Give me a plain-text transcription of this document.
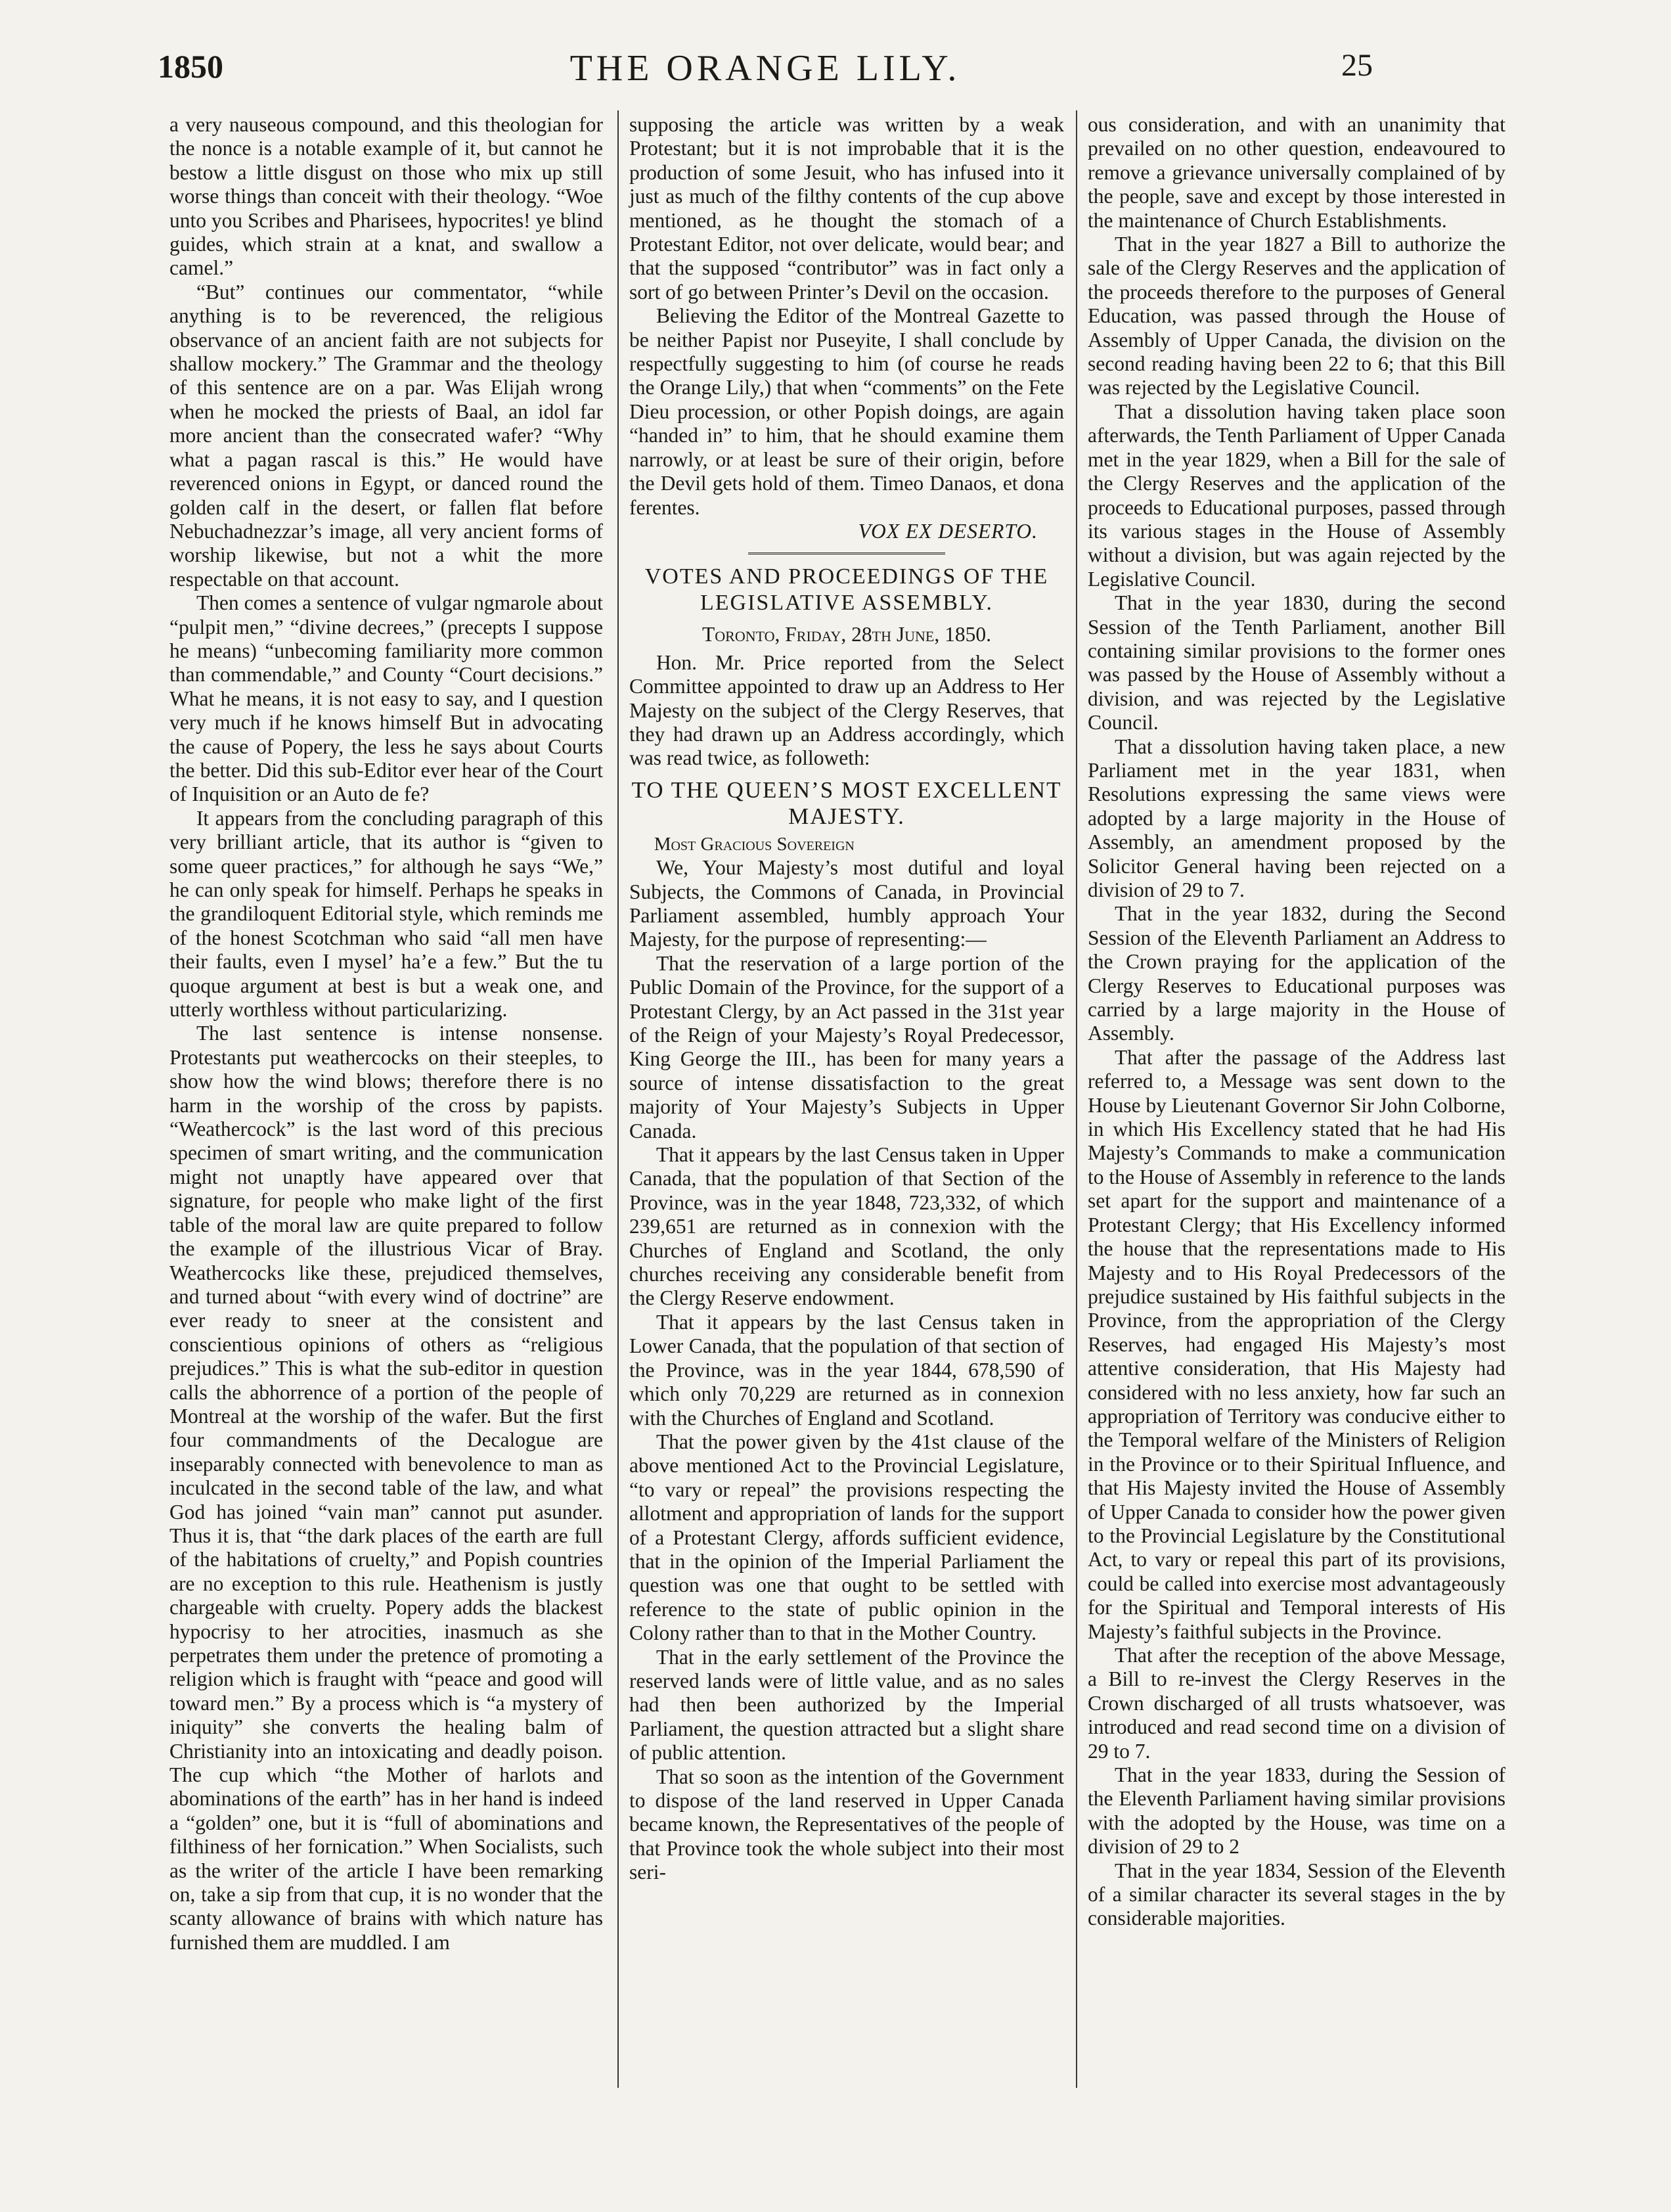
1850	THE ORANGE LILY.	25

a very nauseous compound, and this theologian for the nonce is a notable example of it, but cannot he bestow a little disgust on those who mix up still worse things than conceit with their theology. “Woe unto you Scribes and Pharisees, hypocrites! ye blind guides, which strain at a knat, and swallow a camel.”

“But” continues our commentator, “while anything is to be reverenced, the religious observance of an ancient faith are not subjects for shallow mockery.” The Grammar and the theology of this sentence are on a par. Was Elijah wrong when he mocked the priests of Baal, an idol far more ancient than the consecrated wafer? “Why what a pagan rascal is this.” He would have reverenced onions in Egypt, or danced round the golden calf in the desert, or fallen flat before Nebuchadnezzar’s image, all very ancient forms of worship likewise, but not a whit the more respectable on that account.

Then comes a sentence of vulgar ngmarole about “pulpit men,” “divine decrees,” (precepts I suppose he means) “unbecoming familiarity more common than commendable,” and County “Court decisions.” What he means, it is not easy to say, and I question very much if he knows himself But in advocating the cause of Popery, the less he says about Courts the better. Did this sub-Editor ever hear of the Court of Inquisition or an Auto de fe?

It appears from the concluding paragraph of this very brilliant article, that its author is “given to some queer practices,” for although he says “We,” he can only speak for himself. Perhaps he speaks in the grandiloquent Editorial style, which reminds me of the honest Scotchman who said “all men have their faults, even I mysel’ ha’e a few.” But the tu quoque argument at best is but a weak one, and utterly worthless without particularizing.

The last sentence is intense nonsense. Protestants put weathercocks on their steeples, to show how the wind blows; therefore there is no harm in the worship of the cross by papists. “Weathercock” is the last word of this precious specimen of smart writing, and the communication might not unaptly have appeared over that signature, for people who make light of the first table of the moral law are quite prepared to follow the example of the illustrious Vicar of Bray. Weathercocks like these, prejudiced themselves, and turned about “with every wind of doctrine” are ever ready to sneer at the consistent and conscientious opinions of others as “religious prejudices.” This is what the sub-editor in question calls the abhorrence of a portion of the people of Montreal at the worship of the wafer. But the first four commandments of the Decalogue are inseparably connected with benevolence to man as inculcated in the second table of the law, and what God has joined “vain man” cannot put asunder. Thus it is, that “the dark places of the earth are full of the habitations of cruelty,” and Popish countries are no exception to this rule. Heathenism is justly chargeable with cruelty. Popery adds the blackest hypocrisy to her atrocities, inasmuch as she perpetrates them under the pretence of promoting a religion which is fraught with “peace and good will toward men.” By a process which is “a mystery of iniquity” she converts the healing balm of Christianity into an intoxicating and deadly poison. The cup which “the Mother of harlots and abominations of the earth” has in her hand is indeed a “golden” one, but it is “full of abominations and filthiness of her fornication.” When Socialists, such as the writer of the article I have been remarking on, take a sip from that cup, it is no wonder that the scanty allowance of brains with which nature has furnished them are muddled. I am

supposing the article was written by a weak Protestant; but it is not improbable that it is the production of some Jesuit, who has infused into it just as much of the filthy contents of the cup above mentioned, as he thought the stomach of a Protestant Editor, not over delicate, would bear; and that the supposed “contributor” was in fact only a sort of go between Printer’s Devil on the occasion.

Believing the Editor of the Montreal Gazette to be neither Papist nor Puseyite, I shall conclude by respectfully suggesting to him (of course he reads the Orange Lily,) that when “comments” on the Fete Dieu procession, or other Popish doings, are again “handed in” to him, that he should examine them narrowly, or at least be sure of their origin, before the Devil gets hold of them. Timeo Danaos, et dona ferentes.

VOX EX DESERTO.
VOTES AND PROCEEDINGS OF THE LEGISLATIVE ASSEMBLY.
Toronto, Friday, 28th June, 1850.

Hon. Mr. Price reported from the Select Committee appointed to draw up an Address to Her Majesty on the subject of the Clergy Reserves, that they had drawn up an Address accordingly, which was read twice, as followeth:

TO THE QUEEN’S MOST EXCELLENT MAJESTY.

Most Gracious Sovereign

We, Your Majesty’s most dutiful and loyal Subjects, the Commons of Canada, in Provincial Parliament assembled, humbly approach Your Majesty, for the purpose of representing:—

That the reservation of a large portion of the Public Domain of the Province, for the support of a Protestant Clergy, by an Act passed in the 31st year of the Reign of your Majesty’s Royal Predecessor, King George the III., has been for many years a source of intense dissatisfaction to the great majority of Your Majesty’s Subjects in Upper Canada.

That it appears by the last Census taken in Upper Canada, that the population of that Section of the Province, was in the year 1848, 723,332, of which 239,651 are returned as in connexion with the Churches of England and Scotland, the only churches receiving any considerable benefit from the Clergy Reserve endowment.

That it appears by the last Census taken in Lower Canada, that the population of that section of the Province, was in the year 1844, 678,590 of which only 70,229 are returned as in connexion with the Churches of England and Scotland.

That the power given by the 41st clause of the above mentioned Act to the Provincial Legislature, “to vary or repeal” the provisions respecting the allotment and appropriation of lands for the support of a Protestant Clergy, affords sufficient evidence, that in the opinion of the Imperial Parliament the question was one that ought to be settled with reference to the state of public opinion in the Colony rather than to that in the Mother Country.

That in the early settlement of the Province the reserved lands were of little value, and as no sales had then been authorized by the Imperial Parliament, the question attracted but a slight share of public attention.

That so soon as the intention of the Government to dispose of the land reserved in Upper Canada became known, the Representatives of the people of that Province took the whole subject into their most seri-

ous consideration, and with an unanimity that prevailed on no other question, endeavoured to remove a grievance universally complained of by the people, save and except by those interested in the maintenance of Church Establishments.

That in the year 1827 a Bill to authorize the sale of the Clergy Reserves and the application of the proceeds therefore to the purposes of General Education, was passed through the House of Assembly of Upper Canada, the division on the second reading having been 22 to 6; that this Bill was rejected by the Legislative Council.

That a dissolution having taken place soon afterwards, the Tenth Parliament of Upper Canada met in the year 1829, when a Bill for the sale of the Clergy Reserves and the application of the proceeds to Educational purposes, passed through its various stages in the House of Assembly without a division, but was again rejected by the Legislative Council.

That in the year 1830, during the second Session of the Tenth Parliament, another Bill containing similar provisions to the former ones was passed by the House of Assembly without a division, and was rejected by the Legislative Council.

That a dissolution having taken place, a new Parliament met in the year 1831, when Resolutions expressing the same views were adopted by a large majority in the House of Assembly, an amendment proposed by the Solicitor General having been rejected on a division of 29 to 7.

That in the year 1832, during the Second Session of the Eleventh Parliament an Address to the Crown praying for the application of the Clergy Reserves to Educational purposes was carried by a large majority in the House of Assembly.

That after the passage of the Address last referred to, a Message was sent down to the House by Lieutenant Governor Sir John Colborne, in which His Excellency stated that he had His Majesty’s Commands to make a communication to the House of Assembly in reference to the lands set apart for the support and maintenance of a Protestant Clergy; that His Excellency informed the house that the representations made to His Majesty and to His Royal Predecessors of the prejudice sustained by His faithful subjects in the Province, from the appropriation of the Clergy Reserves, had engaged His Majesty’s most attentive consideration, that His Majesty had considered with no less anxiety, how far such an appropriation of Territory was conducive either to the Temporal welfare of the Ministers of Religion in the Province or to their Spiritual Influence, and that His Majesty invited the House of Assembly of Upper Canada to consider how the power given to the Provincial Legislature by the Constitutional Act, to vary or repeal this part of its provisions, could be called into exercise most advantageously for the Spiritual and Temporal interests of His Majesty’s faithful subjects in the Province.

That after the reception of the above Message, a Bill to re-invest the Clergy Reserves in the Crown discharged of all trusts whatsoever, was introduced and read second time on a division of 29 to 7.

That in the year 1833, during the Session of the Eleventh Parliament having similar provisions with the adopted by the House, was time on a division of 29 to 2

That in the year 1834, Session of the Eleventh of a similar character its several stages in the by considerable majorities.
